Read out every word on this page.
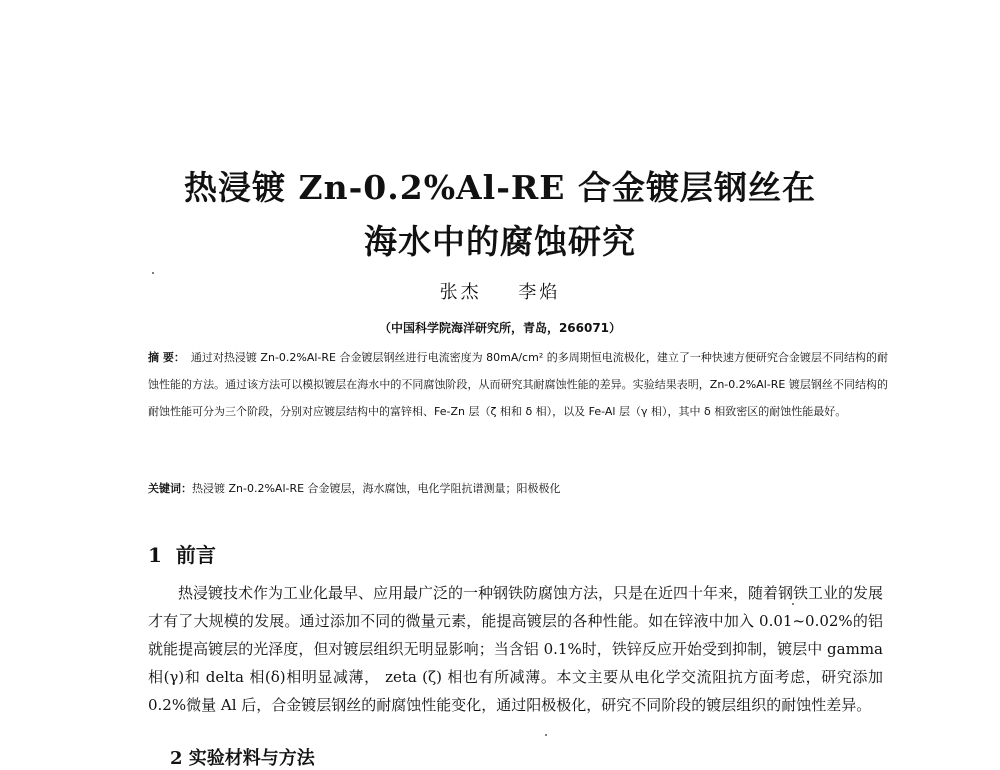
热浸镀 Zn-0.2%Al-RE 合金镀层钢丝在
海水中的腐蚀研究
张杰 李焰
（中国科学院海洋研究所，青岛，266071）
摘 要： 通过对热浸镀 Zn-0.2%Al-RE 合金镀层钢丝进行电流密度为 80mA/cm² 的多周期恒电流极化，建立了一种快速方便研究合金镀层不同结构的耐蚀性能的方法。通过该方法可以模拟镀层在海水中的不同腐蚀阶段，从而研究其耐腐蚀性能的差异。实验结果表明，Zn-0.2%Al-RE 镀层钢丝不同结构的耐蚀性能可分为三个阶段，分别对应镀层结构中的富锌相、Fe-Zn 层（ζ 相和 δ 相），以及 Fe-Al 层（γ 相），其中 δ 相致密区的耐蚀性能最好。
关键词：热浸镀 Zn-0.2%Al-RE 合金镀层，海水腐蚀，电化学阻抗谱测量；阳极极化
1 前言
热浸镀技术作为工业化最早、应用最广泛的一种钢铁防腐蚀方法，只是在近四十年来，随着钢铁工业的发展才有了大规模的发展。通过添加不同的微量元素，能提高镀层的各种性能。如在锌液中加入 0.01~0.02%的铝就能提高镀层的光泽度，但对镀层组织无明显影响；当含铝 0.1%时，铁锌反应开始受到抑制，镀层中 gamma 相(γ)和 delta 相(δ)相明显减薄， zeta (ζ) 相也有所减薄。本文主要从电化学交流阻抗方面考虑，研究添加 0.2%微量 Al 后，合金镀层钢丝的耐腐蚀性能变化，通过阳极极化，研究不同阶段的镀层组织的耐蚀性差异。
2 实验材料与方法
